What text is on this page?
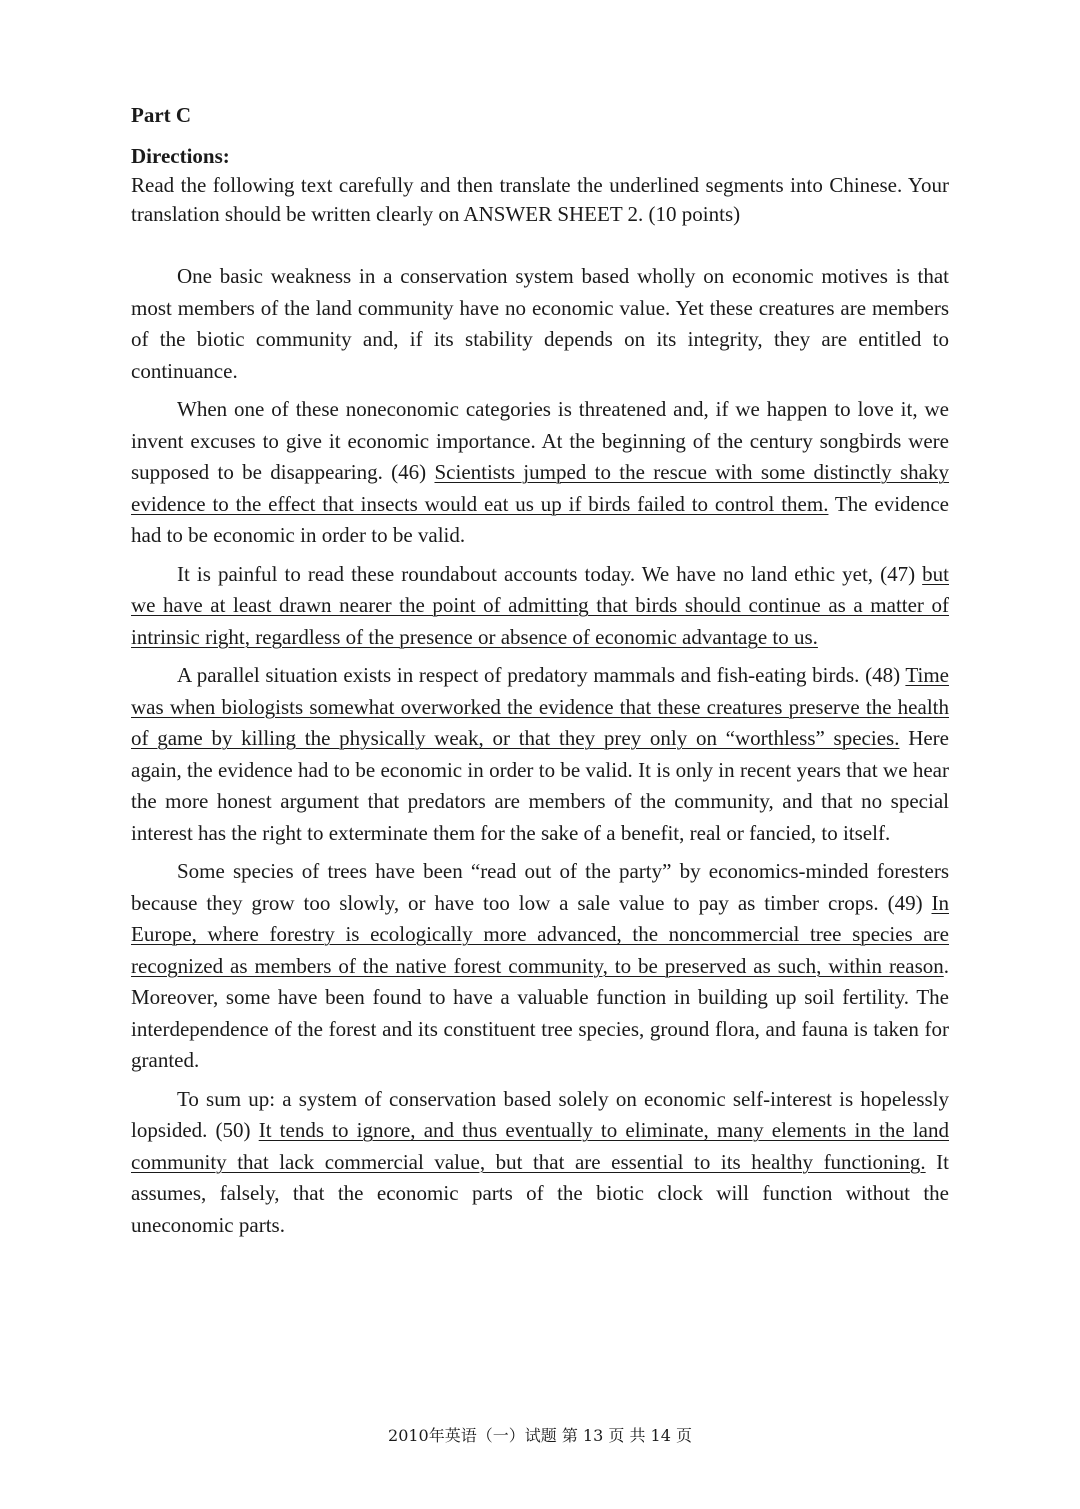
Part C
Directions:

Read the following text carefully and then translate the underlined segments into Chinese. Your translation should be written clearly on ANSWER SHEET 2. (10 points)

One basic weakness in a conservation system based wholly on economic motives is that most members of the land community have no economic value. Yet these creatures are members of the biotic community and, if its stability depends on its integrity, they are entitled to continuance.

When one of these noneconomic categories is threatened and, if we happen to love it, we invent excuses to give it economic importance. At the beginning of the century songbirds were supposed to be disappearing. (46) Scientists jumped to the rescue with some distinctly shaky evidence to the effect that insects would eat us up if birds failed to control them. The evidence had to be economic in order to be valid.

It is painful to read these roundabout accounts today. We have no land ethic yet, (47) but we have at least drawn nearer the point of admitting that birds should continue as a matter of intrinsic right, regardless of the presence or absence of economic advantage to us.

A parallel situation exists in respect of predatory mammals and fish-eating birds. (48) Time was when biologists somewhat overworked the evidence that these creatures preserve the health of game by killing the physically weak, or that they prey only on “worthless” species. Here again, the evidence had to be economic in order to be valid. It is only in recent years that we hear the more honest argument that predators are members of the community, and that no special interest has the right to exterminate them for the sake of a benefit, real or fancied, to itself.

Some species of trees have been “read out of the party” by economics-minded foresters because they grow too slowly, or have too low a sale value to pay as timber crops. (49) In Europe, where forestry is ecologically more advanced, the noncommercial tree species are recognized as members of the native forest community, to be preserved as such, within reason. Moreover, some have been found to have a valuable function in building up soil fertility. The interdependence of the forest and its constituent tree species, ground flora, and fauna is taken for granted.

To sum up: a system of conservation based solely on economic self-interest is hopelessly lopsided. (50) It tends to ignore, and thus eventually to eliminate, many elements in the land community that lack commercial value, but that are essential to its healthy functioning. It assumes, falsely, that the economic parts of the biotic clock will function without the uneconomic parts.

2010年英语（一）试题 第 13 页 共 14 页
